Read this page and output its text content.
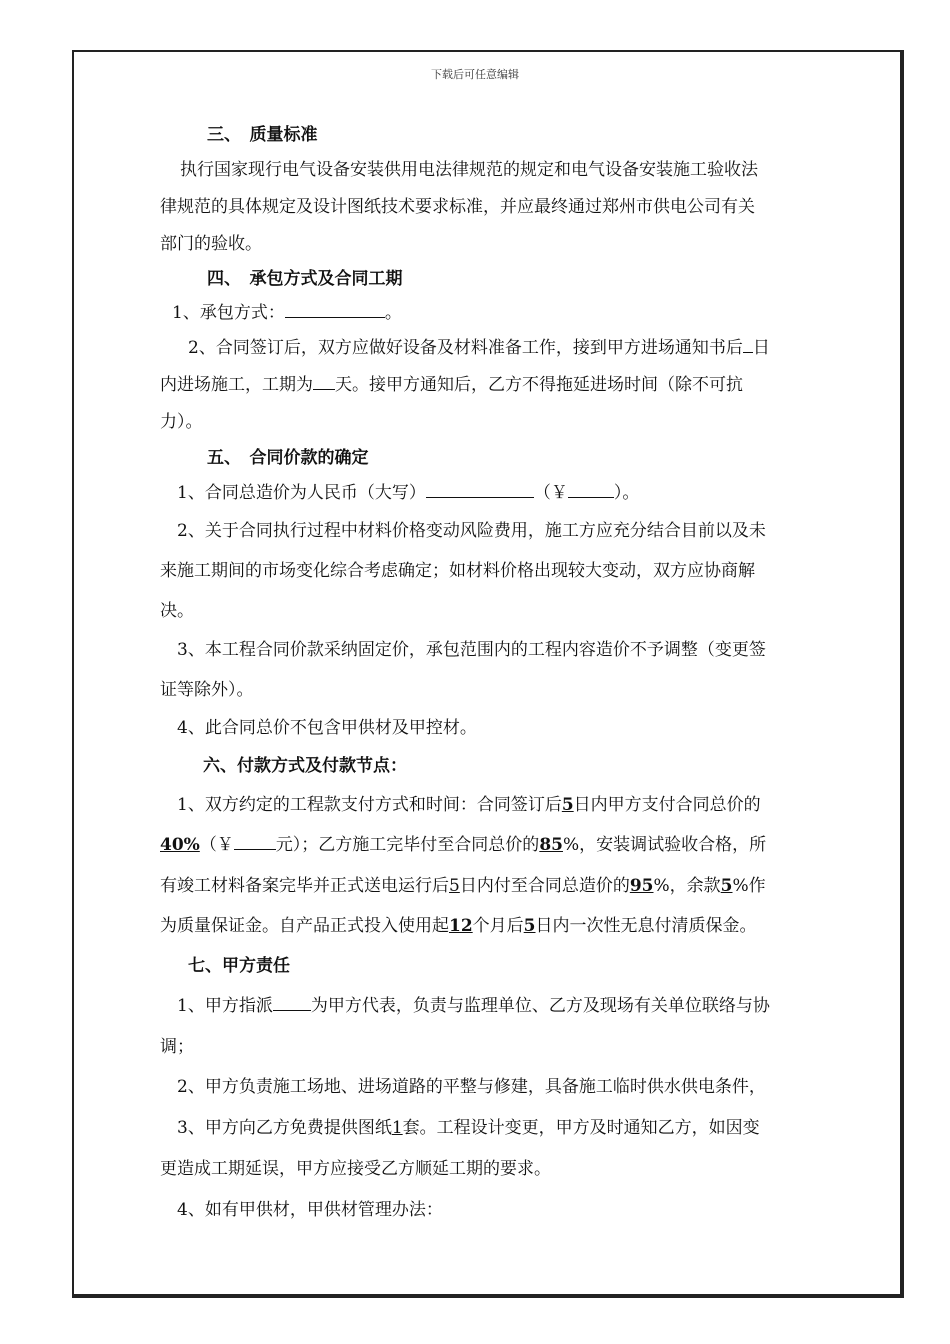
下载后可任意编辑
三、　质量标准
执行国家现行电气设备安装供用电法律规范的规定和电气设备安装施工验收法
律规范的具体规定及设计图纸技术要求标准，并应最终通过郑州市供电公司有关
部门的验收。
四、　承包方式及合同工期
1、承包方式：	。
2、合同签订后，双方应做好设备及材料准备工作，接到甲方进场通知书后 日
内进场施工，工期为 天。接甲方通知后，乙方不得拖延进场时间（除不可抗
力）。
五、　合同价款的确定
1、合同总造价为人民币（大写）	（￥	）。
2、关于合同执行过程中材料价格变动风险费用，施工方应充分结合目前以及未
来施工期间的市场变化综合考虑确定；如材料价格出现较大变动，双方应协商解
决。
3、本工程合同价款采纳固定价，承包范围内的工程内容造价不予调整（变更签
证等除外）。
4、此合同总价不包含甲供材及甲控材。
六、付款方式及付款节点：
1、双方约定的工程款支付方式和时间：合同签订后5日内甲方支付合同总价的
40%（￥ 元）；乙方施工完毕付至合同总价的85%，安装调试验收合格，所
有竣工材料备案完毕并正式送电运行后5日内付至合同总造价的95%，余款5%作
为质量保证金。自产品正式投入使用起12个月后5日内一次性无息付清质保金。
七、甲方责任
1、甲方指派 为甲方代表，负责与监理单位、乙方及现场有关单位联络与协
调；
2、甲方负责施工场地、进场道路的平整与修建，具备施工临时供水供电条件，
3、甲方向乙方免费提供图纸1套。工程设计变更，甲方及时通知乙方，如因变
更造成工期延误，甲方应接受乙方顺延工期的要求。
4、如有甲供材，甲供材管理办法：
